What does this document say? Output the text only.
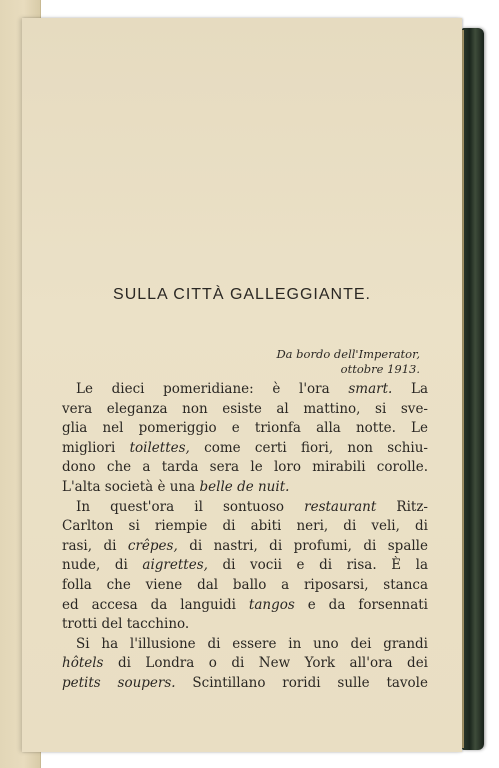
SULLA CITTÀ GALLEGGIANTE.
Da bordo dell'Imperator,
ottobre 1913.

Le dieci pomeridiane: è l'ora smart. La
vera eleganza non esiste al mattino, si sve-
glia nel pomeriggio e trionfa alla notte. Le
migliori toilettes, come certi fiori, non schiu-
dono che a tarda sera le loro mirabili corolle.
L'alta società è una belle de nuit.

In quest'ora il sontuoso restaurant Ritz-
Carlton si riempie di abiti neri, di veli, di
rasi, di crêpes, di nastri, di profumi, di spalle
nude, di aigrettes, di vocii e di risa. È la
folla che viene dal ballo a riposarsi, stanca
ed accesa da languidi tangos e da forsennati
trotti del tacchino.

Si ha l'illusione di essere in uno dei grandi
hôtels di Londra o di New York all'ora dei
petits soupers. Scintillano roridi sulle tavole
